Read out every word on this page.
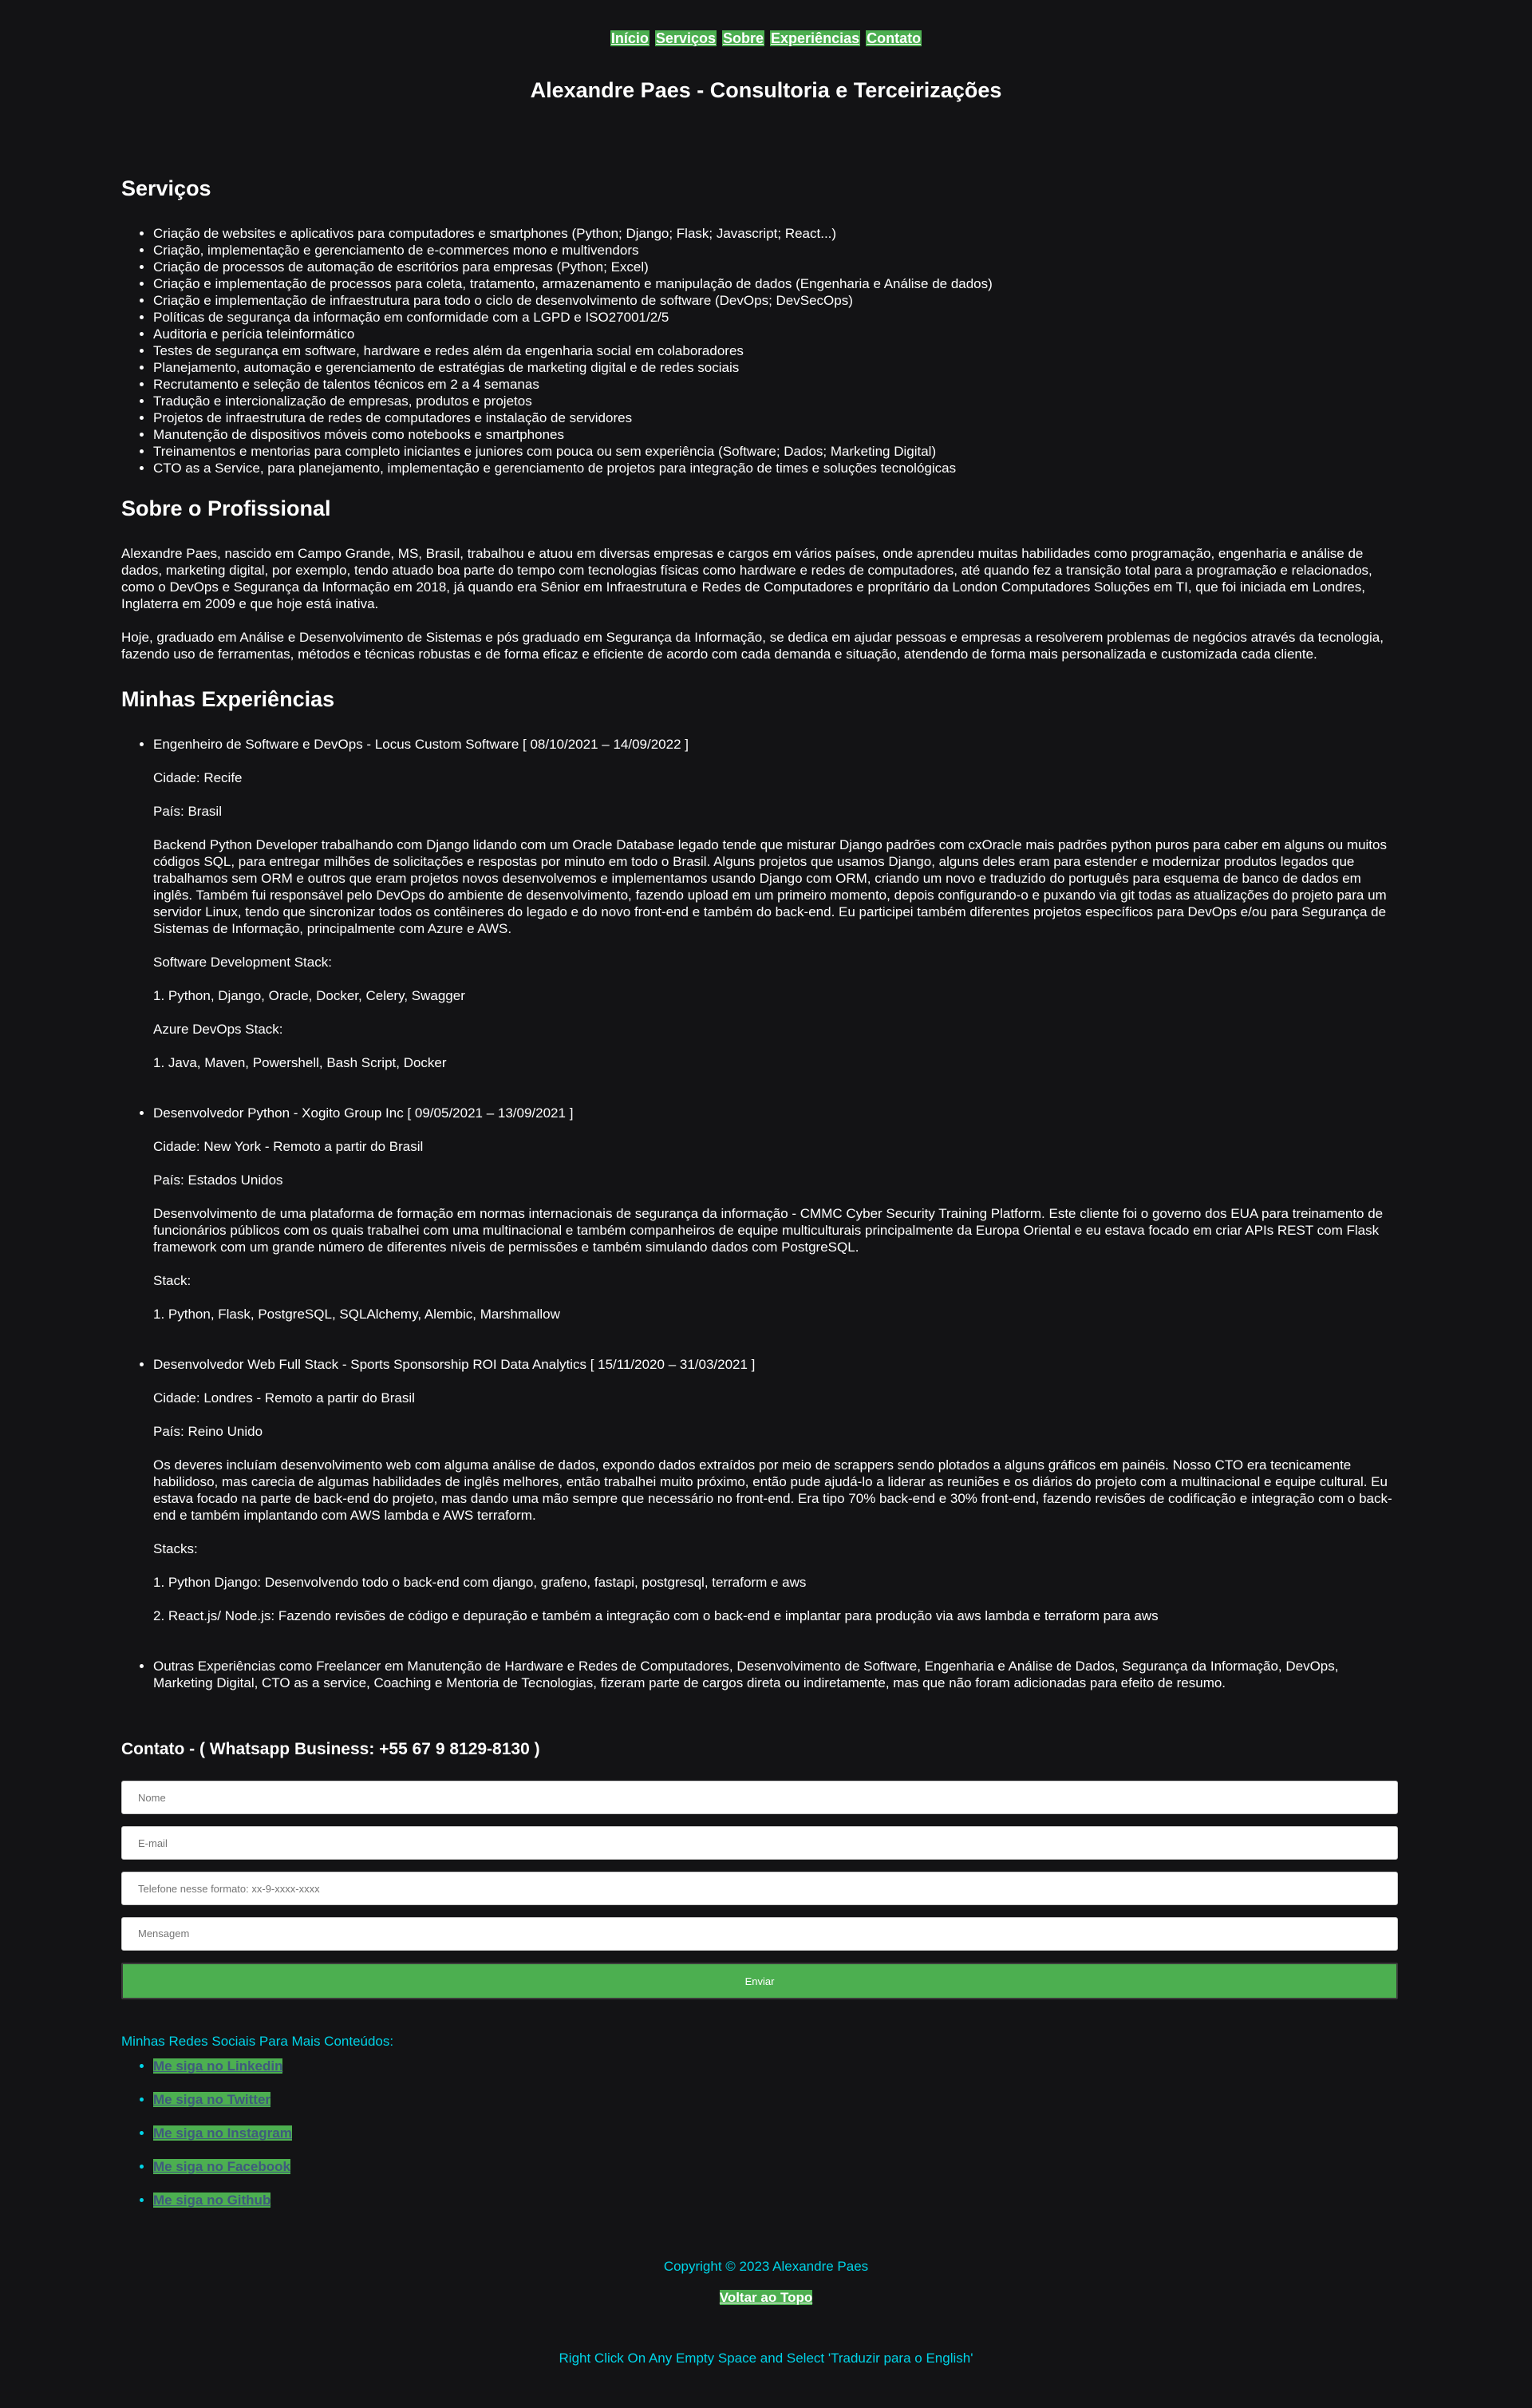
Início Serviços Sobre Experiências Contato
Alexandre Paes - Consultoria e Terceirizações
Serviços
• Criação de websites e aplicativos para computadores e smartphones (Python; Django; Flask; Javascript; React...)
• Criação, implementação e gerenciamento de e-commerces mono e multivendors
• Criação de processos de automação de escritórios para empresas (Python; Excel)
• Criação e implementação de processos para coleta, tratamento, armazenamento e manipulação de dados (Engenharia e Análise de dados)
• Criação e implementação de infraestrutura para todo o ciclo de desenvolvimento de software (DevOps; DevSecOps)
• Políticas de segurança da informação em conformidade com a LGPD e ISO27001/2/5
• Auditoria e perícia teleinformático
• Testes de segurança em software, hardware e redes além da engenharia social em colaboradores
• Planejamento, automação e gerenciamento de estratégias de marketing digital e de redes sociais
• Recrutamento e seleção de talentos técnicos em 2 a 4 semanas
• Tradução e intercionalização de empresas, produtos e projetos
• Projetos de infraestrutura de redes de computadores e instalação de servidores
• Manutenção de dispositivos móveis como notebooks e smartphones
• Treinamentos e mentorias para completo iniciantes e juniores com pouca ou sem experiência (Software; Dados; Marketing Digital)
• CTO as a Service, para planejamento, implementação e gerenciamento de projetos para integração de times e soluções tecnológicas
Sobre o Profissional

Alexandre Paes, nascido em Campo Grande, MS, Brasil, trabalhou e atuou em diversas empresas e cargos em vários países, onde aprendeu muitas habilidades como programação, engenharia e análise de dados, marketing digital, por exemplo, tendo atuado boa parte do tempo com tecnologias físicas como hardware e redes de computadores, até quando fez a transição total para a programação e relacionados, como o DevOps e Segurança da Informação em 2018, já quando era Sênior em Infraestrutura e Redes de Computadores e proprítário da London Computadores Soluções em TI, que foi iniciada em Londres, Inglaterra em 2009 e que hoje está inativa.

Hoje, graduado em Análise e Desenvolvimento de Sistemas e pós graduado em Segurança da Informação, se dedica em ajudar pessoas e empresas a resolverem problemas de negócios através da tecnologia, fazendo uso de ferramentas, métodos e técnicas robustas e de forma eficaz e eficiente de acordo com cada demanda e situação, atendendo de forma mais personalizada e customizada cada cliente.

Minhas Experiências

• Engenheiro de Software e DevOps - Locus Custom Software [ 08/10/2021 – 14/09/2022 ]

Cidade: Recife

País: Brasil

Backend Python Developer trabalhando com Django lidando com um Oracle Database legado tende que misturar Django padrões com cxOracle mais padrões python puros para caber em alguns ou muitos códigos SQL, para entregar milhões de solicitações e respostas por minuto em todo o Brasil. Alguns projetos que usamos Django, alguns deles eram para estender e modernizar produtos legados que trabalhamos sem ORM e outros que eram projetos novos desenvolvemos e implementamos usando Django com ORM, criando um novo e traduzido do português para esquema de banco de dados em inglês. Também fui responsável pelo DevOps do ambiente de desenvolvimento, fazendo upload em um primeiro momento, depois configurando-o e puxando via git todas as atualizações do projeto para um servidor Linux, tendo que sincronizar todos os contêineres do legado e do novo front-end e também do back-end. Eu participei também diferentes projetos específicos para DevOps e/ou para Segurança de Sistemas de Informação, principalmente com Azure e AWS.

Software Development Stack:

1. Python, Django, Oracle, Docker, Celery, Swagger

Azure DevOps Stack:

1. Java, Maven, Powershell, Bash Script, Docker

• Desenvolvedor Python - Xogito Group Inc [ 09/05/2021 – 13/09/2021 ]

Cidade: New York - Remoto a partir do Brasil

País: Estados Unidos

Desenvolvimento de uma plataforma de formação em normas internacionais de segurança da informação - CMMC Cyber Security Training Platform. Este cliente foi o governo dos EUA para treinamento de funcionários públicos com os quais trabalhei com uma multinacional e também companheiros de equipe multiculturais principalmente da Europa Oriental e eu estava focado em criar APIs REST com Flask framework com um grande número de diferentes níveis de permissões e também simulando dados com PostgreSQL.

Stack:

1. Python, Flask, PostgreSQL, SQLAlchemy, Alembic, Marshmallow

• Desenvolvedor Web Full Stack - Sports Sponsorship ROI Data Analytics [ 15/11/2020 – 31/03/2021 ]

Cidade: Londres - Remoto a partir do Brasil

País: Reino Unido

Os deveres incluíam desenvolvimento web com alguma análise de dados, expondo dados extraídos por meio de scrappers sendo plotados a alguns gráficos em painéis. Nosso CTO era tecnicamente habilidoso, mas carecia de algumas habilidades de inglês melhores, então trabalhei muito próximo, então pude ajudá-lo a liderar as reuniões e os diários do projeto com a multinacional e equipe cultural. Eu estava focado na parte de back-end do projeto, mas dando uma mão sempre que necessário no front-end. Era tipo 70% back-end e 30% front-end, fazendo revisões de codificação e integração com o back-end e também implantando com AWS lambda e AWS terraform.

Stacks:

1. Python Django: Desenvolvendo todo o back-end com django, grafeno, fastapi, postgresql, terraform e aws

2. React.js/ Node.js: Fazendo revisões de código e depuração e também a integração com o back-end e implantar para produção via aws lambda e terraform para aws

• Outras Experiências como Freelancer em Manutenção de Hardware e Redes de Computadores, Desenvolvimento de Software, Engenharia e Análise de Dados, Segurança da Informação, DevOps, Marketing Digital, CTO as a service, Coaching e Mentoria de Tecnologias, fizeram parte de cargos direta ou indiretamente, mas que não foram adicionadas para efeito de resumo.

Contato - ( Whatsapp Business: +55 67 9 8129-8130 )
Nome
E-mail
Telefone nesse formato: xx-9-xxxx-xxxx
Mensagem
Enviar
Minhas Redes Sociais Para Mais Conteúdos:
• Me siga no Linkedin
• Me siga no Twitter
• Me siga no Instagram
• Me siga no Facebook
• Me siga no Github
Copyright © 2023 Alexandre Paes
Voltar ao Topo
Right Click On Any Empty Space and Select 'Traduzir para o English'
